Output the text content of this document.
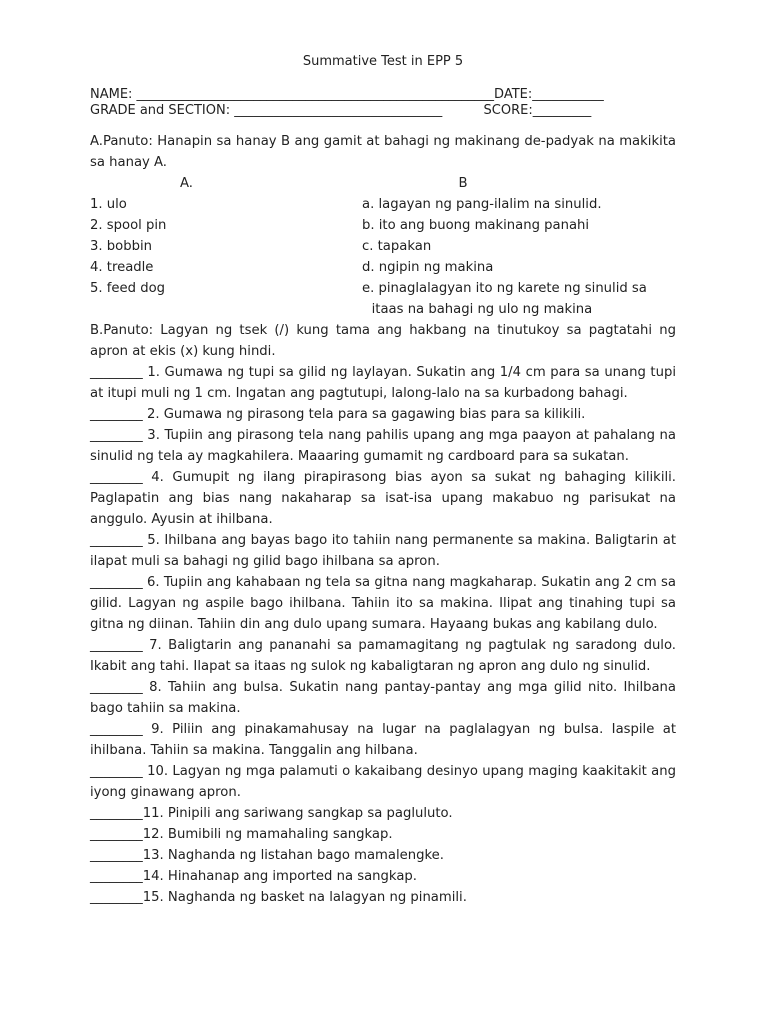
Summative Test in EPP 5
NAME: _______________________________________________________DATE:___________
GRADE and SECTION: ________________________________          SCORE:_________

A.Panuto: Hanapin sa hanay B ang gamit at bahagi ng makinang de-padyak na makikita sa hanay A.

A.	B
1. ulo	a. lagayan ng pang-ilalim na sinulid.
2. spool pin	b. ito ang buong makinang panahi
3. bobbin	c. tapakan
4. treadle	d. ngipin ng makina
5. feed dog	e. pinaglalagyan ito ng karete ng sinulid sa
itaas na bahagi ng ulo ng makina

B.Panuto: Lagyan ng tsek (/) kung tama ang hakbang na tinutukoy sa pagtatahi ng apron at ekis (x) kung hindi.

________ 1. Gumawa ng tupi sa gilid ng laylayan. Sukatin ang 1/4 cm para sa unang tupi at itupi muli ng 1 cm. Ingatan ang pagtutupi, lalong-lalo na sa kurbadong bahagi.

________ 2. Gumawa ng pirasong tela para sa gagawing bias para sa kilikili.

________ 3. Tupiin ang pirasong tela nang pahilis upang ang mga paayon at pahalang na sinulid ng tela ay magkahilera. Maaaring gumamit ng cardboard para sa sukatan.

________ 4. Gumupit ng ilang pirapirasong bias ayon sa sukat ng bahaging kilikili. Paglapatin ang bias nang nakaharap sa isat-isa upang makabuo ng parisukat na anggulo. Ayusin at ihilbana.

________ 5. Ihilbana ang bayas bago ito tahiin nang permanente sa makina. Baligtarin at ilapat muli sa bahagi ng gilid bago ihilbana sa apron.

________ 6. Tupiin ang kahabaan ng tela sa gitna nang magkaharap. Sukatin ang 2 cm sa gilid. Lagyan ng aspile bago ihilbana. Tahiin ito sa makina. Ilipat ang tinahing tupi sa gitna ng diinan. Tahiin din ang dulo upang sumara. Hayaang bukas ang kabilang dulo.

________ 7. Baligtarin ang pananahi sa pamamagitang ng pagtulak ng saradong dulo. Ikabit ang tahi. Ilapat sa itaas ng sulok ng kabaligtaran ng apron ang dulo ng sinulid.

________ 8. Tahiin ang bulsa. Sukatin nang pantay-pantay ang mga gilid nito. Ihilbana bago tahiin sa makina.

________ 9. Piliin ang pinakamahusay na lugar na paglalagyan ng bulsa. Iaspile at ihilbana. Tahiin sa makina. Tanggalin ang hilbana.

________ 10. Lagyan ng mga palamuti o kakaibang desinyo upang maging kaakitakit ang iyong ginawang apron.

________11. Pinipili ang sariwang sangkap sa pagluluto.

________12. Bumibili ng mamahaling sangkap.

________13. Naghanda ng listahan bago mamalengke.

________14. Hinahanap ang imported na sangkap.

________15. Naghanda ng basket na lalagyan ng pinamili.
